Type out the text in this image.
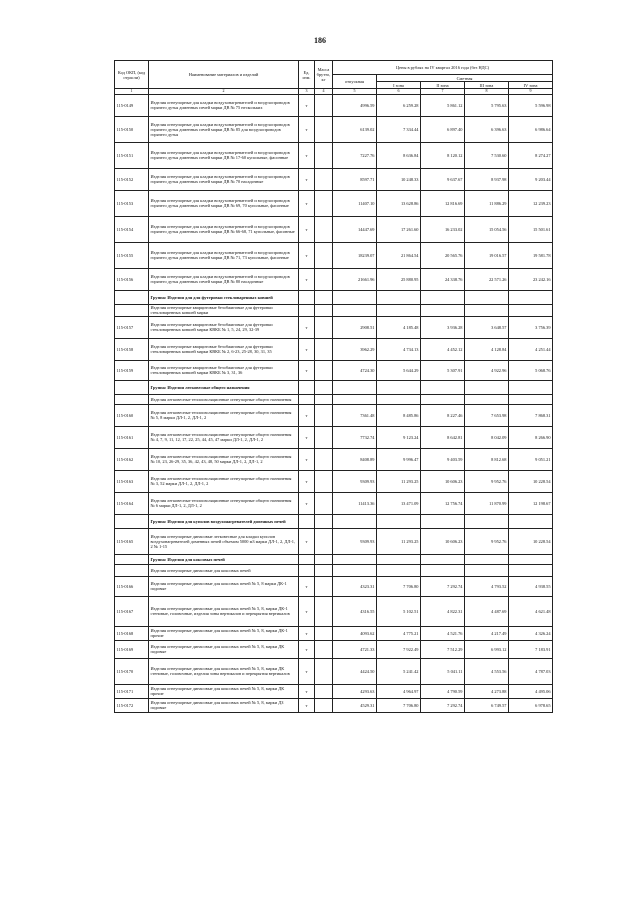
186
Код ОКП, (код отрасли)	Наименование материалов и изделий	Ед. изм.	Масса брутто, кг	Цены в рублях на IV квартал 2016 года (без НДС)				
				отпускная	Сметная			
					I зона	II зона	III зона	IV зона
1	2	3	4	5	6	7	8	9
115-0149	Изделия огнеупорные для кладки воздухонагревателей и воздухопроводов горячего дутья доменных печей марки ДВ № 75 нескольких	т		4996.59	6 259.28	5 861.12	5 795.63	5 596.98
115-0150	Изделия огнеупорные для кладки воздухонагревателей и воздухопроводов горячего дутья доменных печей марки ДВ № 85 для воздухопроводов горячего дутья	т		6139.02	7 334.44	6 897.40	6 396.63	6 986.64
115-0151	Изделия огнеупорные для кладки воздухонагревателей и воздухопроводов горячего дутья доменных печей марки ДВ № 17-60 купольные, фасонные	т		7227.76	8 636.84	8 120.12	7 530.60	8 274.27
115-0152	Изделия огнеупорные для кладки воздухонагревателей и воздухопроводов горячего дутья доменных печей марки ДВ № 70 насадочные	т		8597.71	10 248.33	9 637.67	8 937.98	9 203.44
115-0153	Изделия огнеупорные для кладки воздухонагревателей и воздухопроводов горячего дутья доменных печей марки ДВ № 69, 70 купольные, фасонные	т		11407.10	13 628.86	12 816.69	11 886.29	12 239.23
115-0154	Изделия огнеупорные для кладки воздухонагревателей и воздухопроводов горячего дутья доменных печей марки ДВ № 66-68, 71 купольные, фасонные	т		14447.69	17 261.60	16 233.02	15 054.56	15 501.61
115-0155	Изделия огнеупорные для кладки воздухонагревателей и воздухопроводов горячего дутья доменных печей марки ДВ № 71, 73 купольные, фасонные	т		18239.07	21 864.54	20 565.76	19 016.57	19 581.78
115-0156	Изделия огнеупорные для кладки воздухонагревателей и воздухопроводов горячего дутья доменных печей марки ДВ № 80 насадочные	т		21661.96	25 880.95	24 338.76	22 571.26	23 242.16
	Группа: Изделия для для футеровки стекловаренных ковшей							
	Изделия огнеупорные кварцитовые безобжиговые для футеровки стекловаренных ковшей марки							
115-0157	Изделия огнеупорные кварцитовые безобжиговые для футеровки стекловаренных ковшей марки КВКБ № 1, 5, 24, 29, 32-39	т		2908.51	4 185.48	3 936.28	3 648.57	3 756.39
115-0158	Изделия огнеупорные кварцитовые безобжиговые для футеровки стекловаренных ковшей марки КВКБ № 2, 6-23, 25-28, 30, 31, 35	т		3962.29	4 734.13	4 452.12	4 128.84	4 251.44
115-0159	Изделия огнеупорные кварцитовые безобжиговые для футеровки стекловаренных ковшей марки КВКБ № 3, 31, 36	т		4724.30	5 644.29	5 307.91	4 922.96	5 068.76
	Группа: Изделия легковесные общего назначения							
	Изделия легковесные теплоизоляционные огнеупорные общего назначения							
115-0160	Изделия легковесные теплоизоляционные огнеупорные общего назначения № 5, 8 марки ДЛ-1, 2, ДЛ-1, 2	т		7361.48	8 485.86	8 227.46	7 653.98	7 868.31
115-0161	Изделия легковесные теплоизоляционные огнеупорные общего назначения № 4, 7, 9, 11, 12, 17, 22, 25, 44, 45, 47 марки ДЛ-1, 2, ДЛ-1, 2	т		7732.74	9 123.24	8 642.81	8 042.09	8 266.90
115-0162	Изделия легковесные теплоизоляционные огнеупорные общего назначения № 10, 23, 26-29, 35, 36, 42, 43, 48, 50 марки ДЛ-1, 2, ДЛ-1, 2	т		8408.89	9 996.47	9 403.59	8 812.68	9 051.21
115-0163	Изделия легковесные теплоизоляционные огнеупорные общего назначения № 3, 52 марки ДЛ-1, 2, ДЛ-1, 2	т		9309.93	11 293.25	10 606.23	9 952.76	10 228.54
115-0164	Изделия легковесные теплоизоляционные огнеупорные общего назначения № 6 марки ДЛ-1, 2, ДЛ-1, 2	т		11413.36	13 471.09	12 756.74	11 870.99	12 198.67
	Группа: Изделия для куполов воздухонагревателей доменных печей							
115-0165	Изделия огнеупорные динасовые легковесные для кладки куполов воздухонагревателей доменных печей объемом 5000 м3 марки ДЛ-1, 2, ДЛ-1, 2 № 1-15	т		9309.93	11 293.25	10 606.23	9 952.76	10 228.54
	Группа: Изделия для коксовых печей							
	Изделия огнеупорные динасовые для коксовых печей							
115-0166	Изделия огнеупорные динасовые для коксовых печей № 5, 8 марки ДК-1 подовые	т		4323.31	7 706.80	7 292.74	4 793.52	4 938.55
115-0167	Изделия огнеупорные динасовые для коксовых печей № 5, 8, марки ДК-1 стеновые, головочные, изделия зоны вертикалов и перекрытия вертикалов	т		4316.55	5 102.51	4 822.31	4 487.69	4 621.48
115-0168	Изделия огнеупорные динасовые для коксовых печей № 5, 8, марки ДК-1 прочие	т		4093.62	4 775.21	4 521.76	4 217.49	4 326.24
115-0169	Изделия огнеупорные динасовые для коксовых печей № 5, 8, марки ДК подовые	т		4721.33	7 922.49	7 512.29	6 993.12	7 183.91
115-0170	Изделия огнеупорные динасовые для коксовых печей № 5, 8, марки ДК стеновые, головочные, изделия зоны вертикалов и перекрытия вертикалов	т		4424.50	5 241.42	5 041.11	4 553.56	4 787.03
115-0171	Изделия огнеупорные динасовые для коксовых печей № 5, 8, марки ДК прочие	т		4293.63	4 964.97	4 790.59	4 273.88	4 495.06
115-0172	Изделия огнеупорные динасовые для коксовых печей № 5, 8, марки ДЗ подовые	т		4529.31	7 706.80	7 292.74	6 749.57	6 978.65
